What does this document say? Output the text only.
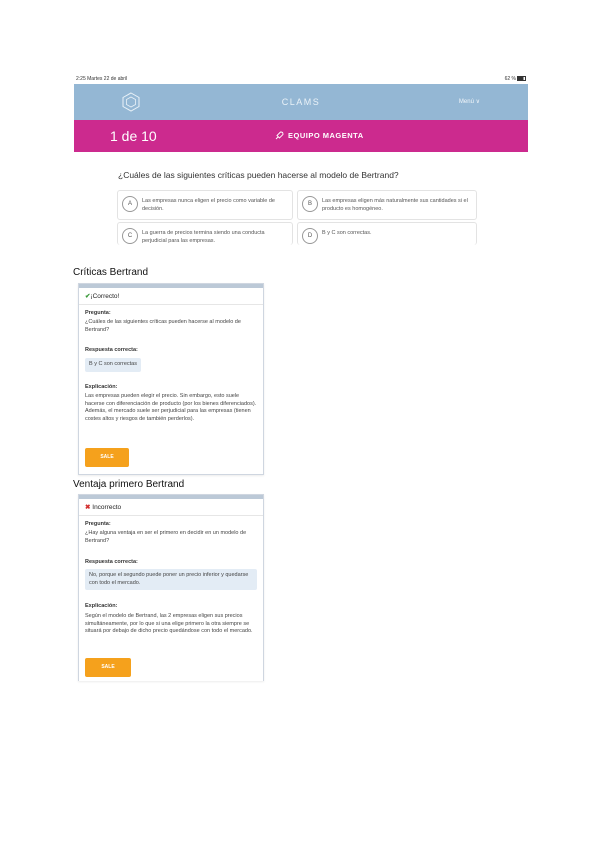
2:25 Martes 22 de abril	62 %
CLAMS	Menú ∨
1 de 10	EQUIPO MAGENTA
¿Cuáles de las siguientes críticas pueden hacerse al modelo de Bertrand?
A	Las empresas nunca eligen el precio como variable de decisión.
B	Las empresas eligen más naturalmente sus cantidades si el producto es homogéneo.
C	La guerra de precios termina siendo una conducta perjudicial para las empresas.
D	B y C son correctas.
Críticas Bertrand
✔¡Correcto!
Pregunta:
¿Cuáles de las siguientes críticas pueden hacerse al modelo de Bertrand?
Respuesta correcta:
B y C son correctas
Explicación:
Las empresas pueden elegir el precio. Sin embargo, esto suele hacerse con diferenciación de producto (por los bienes diferenciados). Además, el mercado suele ser perjudicial para las empresas (tienen costes altos y riesgos de también perderlos).
SALE
Ventaja primero Bertrand
✖ Incorrecto
Pregunta:
¿Hay alguna ventaja en ser el primero en decidir en un modelo de Bertrand?
Respuesta correcta:
No, porque el segundo puede poner un precio inferior y quedarse con todo el mercado.
Explicación:
Según el modelo de Bertrand, las 2 empresas eligen sus precios simultáneamente, por lo que si una elige primero la otra siempre se situará por debajo de dicho precio quedándose con todo el mercado.
SALE
